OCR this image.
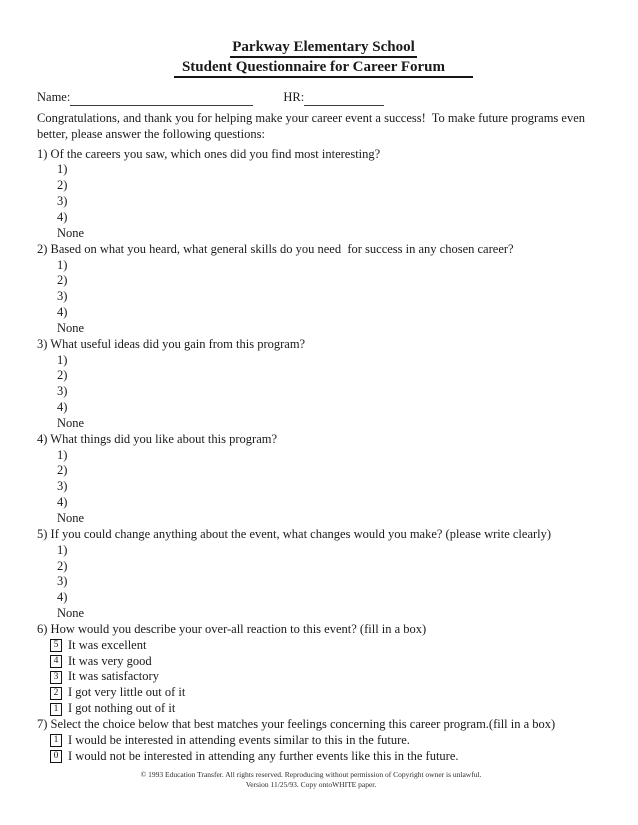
Parkway Elementary School
Student Questionnaire for Career Forum
Name:	HR:
Congratulations, and thank you for helping make your career event a success!  To make future programs even better, please answer the following questions:
1) Of the careers you saw, which ones did you find most interesting?
1)
2)
3)
4)
None
2) Based on what you heard, what general skills do you need  for success in any chosen career?
1)
2)
3)
4)
None
3) What useful ideas did you gain from this program?
1)
2)
3)
4)
None
4) What things did you like about this program?
1)
2)
3)
4)
None
5) If you could change anything about the event, what changes would you make? (please write clearly)
1)
2)
3)
4)
None
6) How would you describe your over-all reaction to this event? (fill in a box)
5 It was excellent
4 It was very good
3 It was satisfactory
2 I got very little out of it
1 I got nothing out of it
7) Select the choice below that best matches your feelings concerning this career program.(fill in a box)
1 I would be interested in attending events similar to this in the future.
0 I would not be interested in attending any further events like this in the future.
© 1993 Education Transfer. All rights reserved. Reproducing without permission of Copyright owner is unlawful.
Version 11/25/93. Copy ontoWHITE paper.
